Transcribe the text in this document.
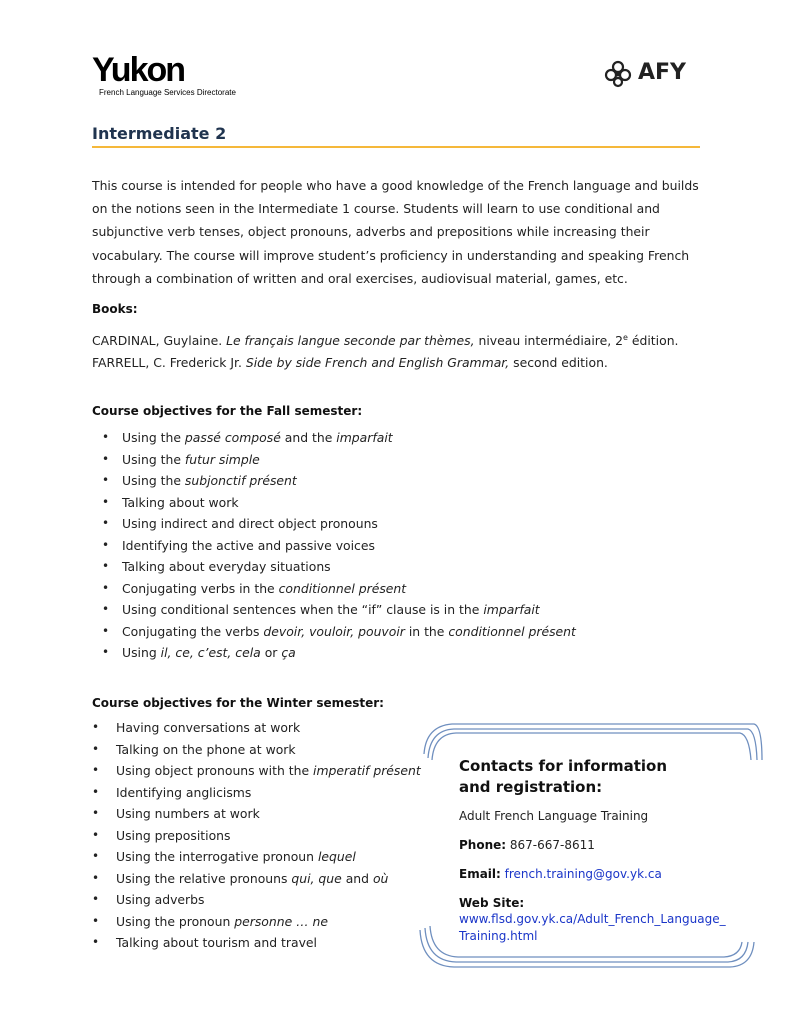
Yukon
French Language Services Directorate
AFY
Intermediate 2

This course is intended for people who have a good knowledge of the French language and builds on the notions seen in the Intermediate 1 course. Students will learn to use conditional and subjunctive verb tenses, object pronouns, adverbs and prepositions while increasing their vocabulary. The course will improve student’s proficiency in understanding and speaking French through a combination of written and oral exercises, audiovisual material, games, etc.

Books:

CARDINAL, Guylaine. Le français langue seconde par thèmes, niveau intermédiaire, 2e édition.

FARRELL, C. Frederick Jr. Side by side French and English Grammar, second edition.

Course objectives for the Fall semester:

• Using the passé composé and the imparfait
• Using the futur simple
• Using the subjonctif présent
• Talking about work
• Using indirect and direct object pronouns
• Identifying the active and passive voices
• Talking about everyday situations
• Conjugating verbs in the conditionnel présent
• Using conditional sentences when the “if” clause is in the imparfait
• Conjugating the verbs devoir, vouloir, pouvoir in the conditionnel présent
• Using il, ce, c’est, cela or ça

Course objectives for the Winter semester:

• Having conversations at work
• Talking on the phone at work
• Using object pronouns with the imperatif présent
• Identifying anglicisms
• Using numbers at work
• Using prepositions
• Using the interrogative pronoun lequel
• Using the relative pronouns qui, que and où
• Using adverbs
• Using the pronoun personne … ne
• Talking about tourism and travel
Contacts for information
and registration:

Adult French Language Training

Phone: 867-667-8611

Email: french.training@gov.yk.ca

Web Site:

www.flsd.gov.yk.ca/Adult_French_Language_
Training.html
